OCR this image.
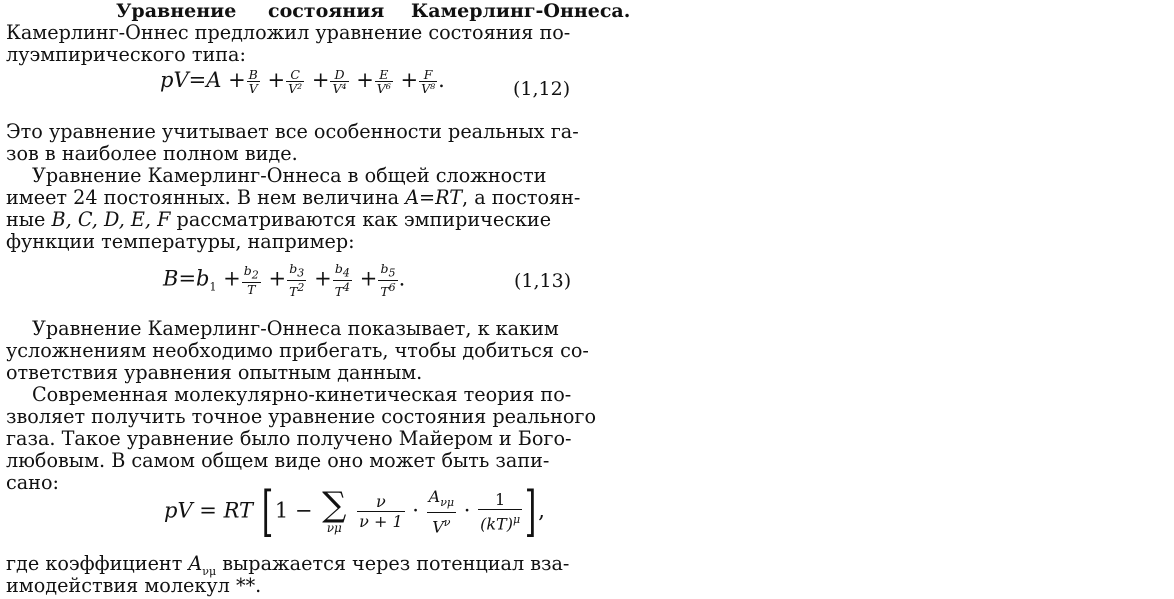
Уравнение состояния Камерлинг-Оннеса.
Камерлинг-Оннес предложил уравнение состояния по-
луэмпирического типа:
$pV=A + \frac{B}{V} + \frac{C}{\text{V²}} + \frac{D}{\text{V⁴}} + \frac{E}{\text{V⁶}} + \frac{F}{\text{V⁸}}$ .	(1,12)
Это уравнение учитывает все особенности реальных га-
зов в наиболее полном виде.
Уравнение Камерлинг-Оннеса в общей сложности
имеет 24 постоянных. В нем величина A=RT, а постоян-
ные B, C, D, E, F рассматриваются как эмпирические
функции температуры, например:
$B=b_1 + \frac{b_2}{T} + \frac{b_3}{T^2} + \frac{b_4}{T^4} + \frac{b_5}{T^6}$ .	(1,13)
Уравнение Камерлинг-Оннеса показывает, к каким
усложнениям необходимо прибегать, чтобы добиться со-
ответствия уравнения опытным данным.
Современная молекулярно-кинетическая теория по-
зволяет получить точное уравнение состояния реального
газа. Такое уравнение было получено Майером и Бого-
любовым. В самом общем виде оно может быть запи-
сано:
pV = RT [1 − ∑
νμ
$\frac{\nu}{\nu + 1} \cdot \frac{A_{\nu\mu}}{V^\nu} \cdot \frac{1}{(kT)^\mu}$ ],
где коэффициент $A_{\nu\mu}$ выражается через потенциал вза-
имодействия молекул **.
